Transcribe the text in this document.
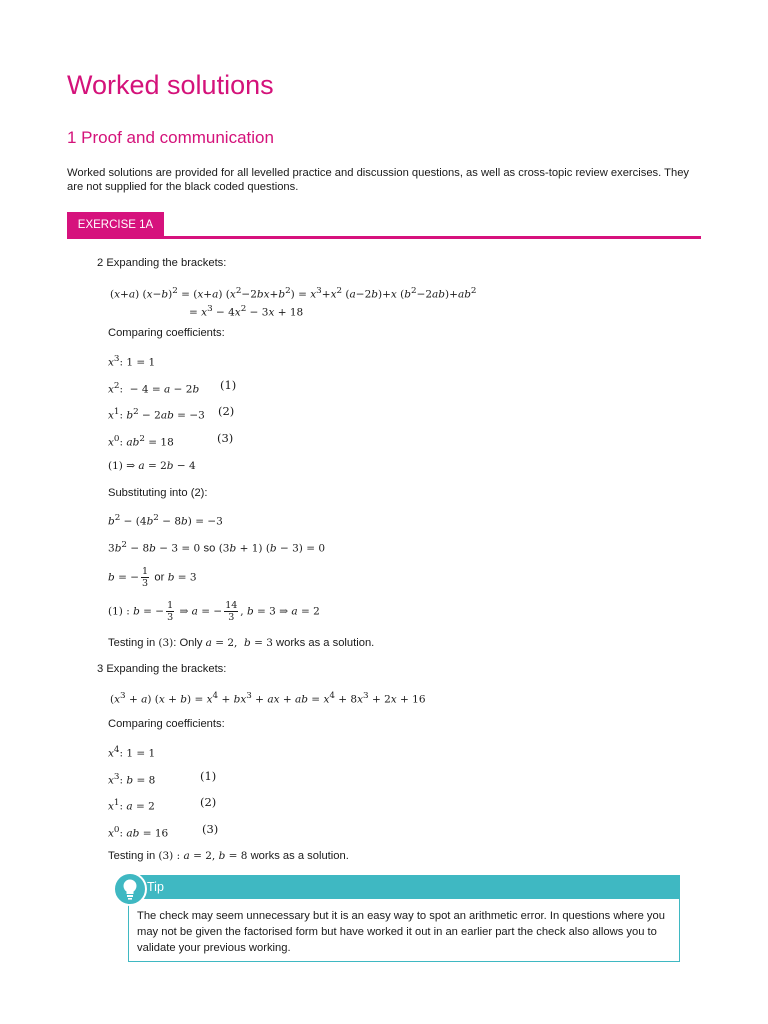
Worked solutions
1 Proof and communication
Worked solutions are provided for all levelled practice and discussion questions, as well as cross-topic review exercises. They are not supplied for the black coded questions.
EXERCISE 1A
2 Expanding the brackets:
(x+a) $(x-b)^2 = (x+a) (x^2-2bx+b^2) = x^3+x^2$ (a−2b)+x $(b^2-2ab)+ab^2$
= $x^3 - 4x^2 - 3x + 18$
Comparing coefficients:
$x^3$: 1 = 1
$x^2$:  − 4 = a − 2b (1)
$x^1$: $b^2 - 2ab = -3$ (2)
$x^0$: $ab^2 = 18$	(3)
(1) ⇒ a = 2b − 4
Substituting into (2):
$b^2 - (4b^2 - 8b) = -3$
$3b^2 - 8b - 3 = 0$ so (3b + 1) (b − 3) = 0
b = − $\frac{1}{3}$ or b = 3
(1) : b = − $\frac{1}{3}$ ⇒ a = − $\frac{14}{3}$ , b = 3 ⇒ a = 2
Testing in (3): Only a = 2,  b = 3 works as a solution.
3 Expanding the brackets:
$(x^3 + a) (x + b) = x^4 + bx^3$ + ax + ab = $x^4 + 8x^3 + 2x + 16$
Comparing coefficients:
$x^4$: 1 = 1
$x^3$: b = 8	(1)
$x^1$: a = 2	(2)
$x^0$: ab = 16	(3)
Testing in (3) : a = 2, b = 8 works as a solution.
Tip
The check may seem unnecessary but it is an easy way to spot an arithmetic error. In questions where you may not be given the factorised form but have worked it out in an earlier part the check also allows you to validate your previous working.
